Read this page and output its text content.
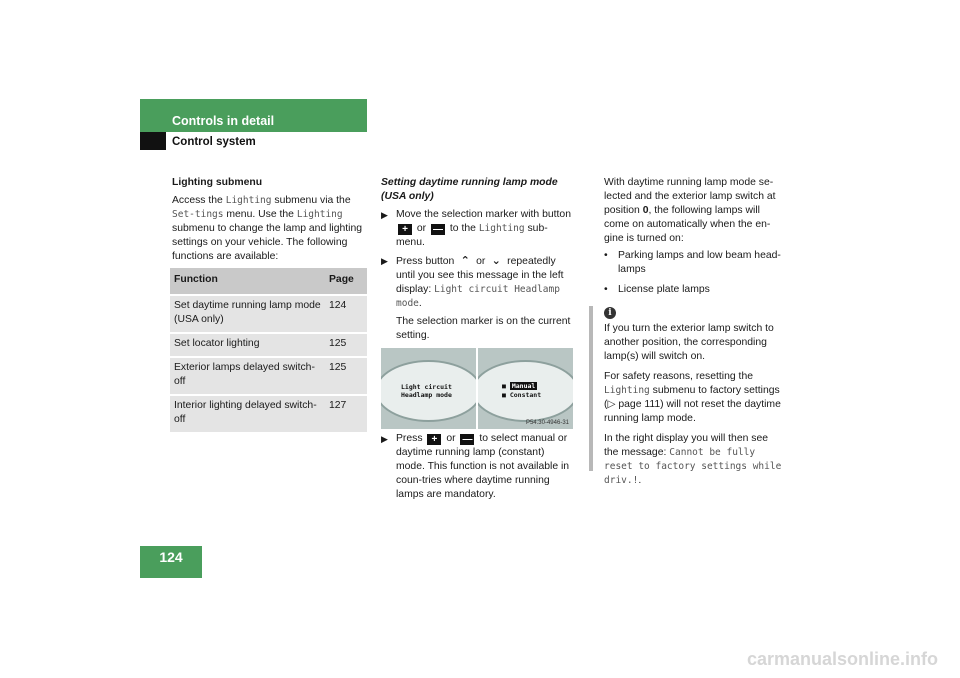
Controls in detail
Control system
Lighting submenu
Access the Lighting submenu via the Set-tings menu. Use the Lighting submenu to change the lamp and lighting settings on your vehicle. The following functions are available:
Function	Page
Set daytime running lamp mode (USA only)	124
Set locator lighting	125
Exterior lamps delayed switch-off	125
Interior lighting delayed switch-off	127
Setting daytime running lamp mode (USA only)
▶ Move the selection marker with button + or — to the Lighting sub-menu.
▶ Press button ⌃ or ⌄ repeatedly until you see this message in the left display: Light circuit Headlamp mode.
The selection marker is on the current setting.
Light circuit
Headlamp mode
■ Manual
■ Constant
P54.30-4946-31
▶ Press + or — to select manual or daytime running lamp (constant) mode. This function is not available in coun-tries where daytime running lamps are mandatory.
With daytime running lamp mode se-lected and the exterior lamp switch at position 0, the following lamps will come on automatically when the en-gine is turned on:
• Parking lamps and low beam head-lamps
• License plate lamps
i
If you turn the exterior lamp switch to another position, the corresponding lamp(s) will switch on.
For safety reasons, resetting the Lighting submenu to factory settings (▷ page 111) will not reset the daytime running lamp mode.
In the right display you will then see the message: Cannot be fully reset to factory settings while driv.!.
124
carmanualsonline.info
